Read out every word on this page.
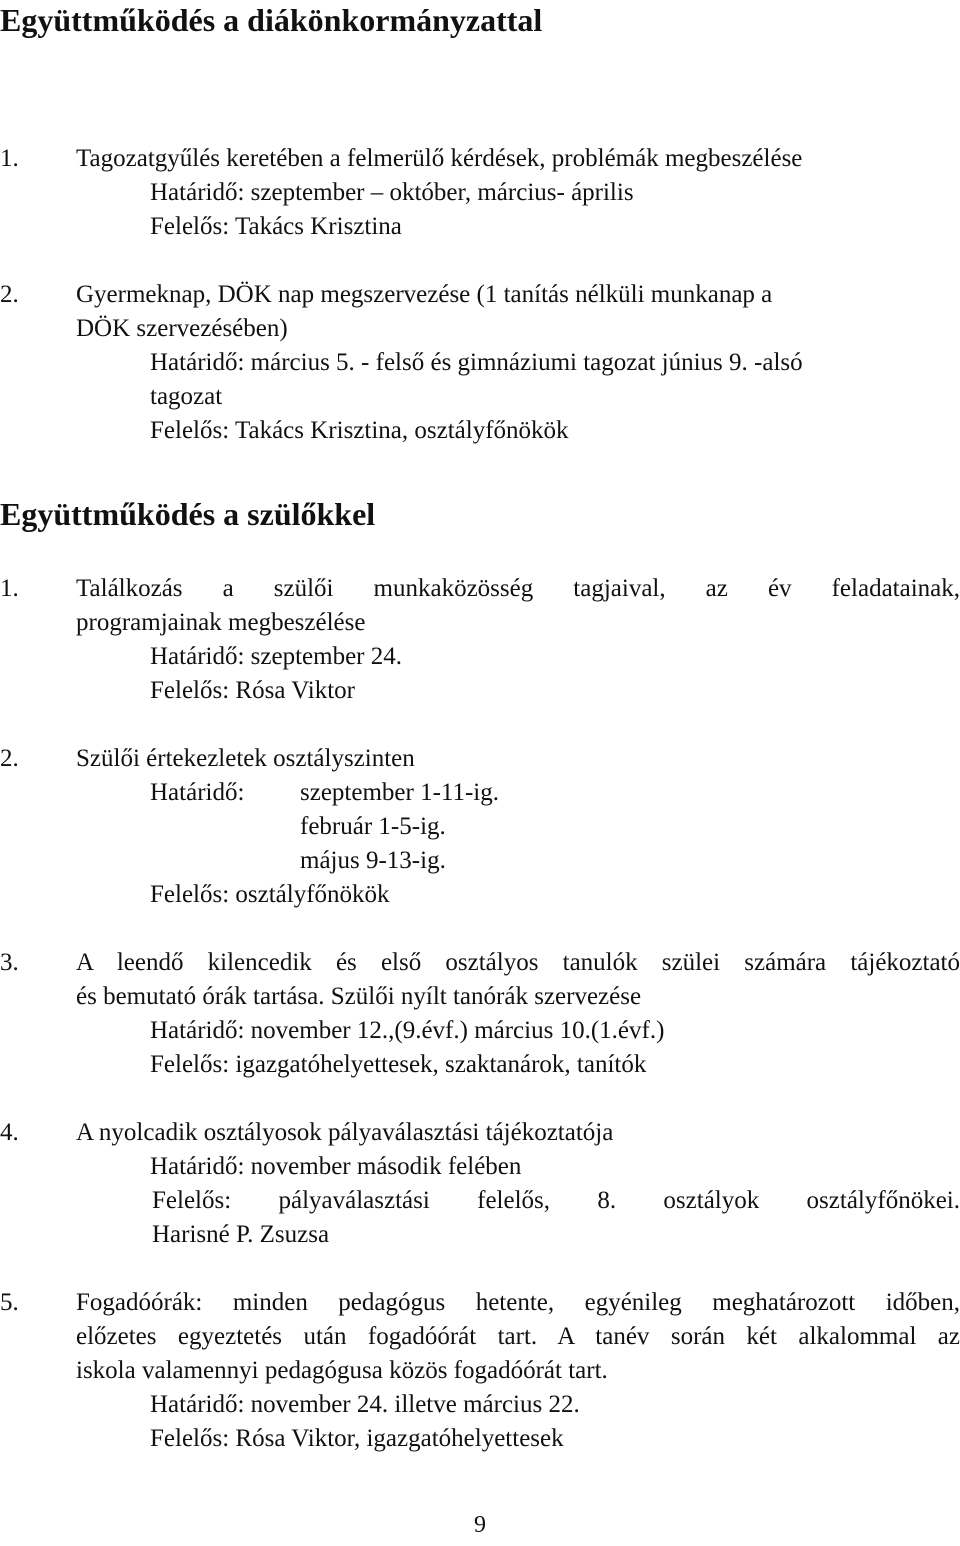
Együttműködés a diákönkormányzattal
1. Tagozatgyűlés keretében a felmerülő kérdések, problémák megbeszélése
Határidő: szeptember – október, március- április
Felelős: Takács Krisztina
2. Gyermeknap, DÖK nap megszervezése (1 tanítás nélküli munkanap a
DÖK szervezésében)
Határidő: március 5. - felső és gimnáziumi tagozat június 9. -alsó
tagozat
Felelős: Takács Krisztina, osztályfőnökök
Együttműködés a szülőkkel
1. Találkozás a szülői munkaközösség tagjaival, az év feladatainak,
programjainak megbeszélése
Határidő: szeptember 24.
Felelős: Rósa Viktor
2. Szülői értekezletek osztályszinten
Határidő: szeptember 1-11-ig.
február 1-5-ig.
május 9-13-ig.
Felelős: osztályfőnökök
3. A leendő kilencedik és első osztályos tanulók szülei számára tájékoztató
és bemutató órák tartása. Szülői nyílt tanórák szervezése
Határidő: november 12.,(9.évf.) március 10.(1.évf.)
Felelős: igazgatóhelyettesek, szaktanárok, tanítók
4. A nyolcadik osztályosok pályaválasztási tájékoztatója
Határidő: november második felében
Felelős: pályaválasztási felelős, 8. osztályok osztályfőnökei.
Harisné P. Zsuzsa
5. Fogadóórák: minden pedagógus hetente, egyénileg meghatározott időben,
előzetes egyeztetés után fogadóórát tart. A tanév során két alkalommal az
iskola valamennyi pedagógusa közös fogadóórát tart.
Határidő: november 24. illetve március 22.
Felelős: Rósa Viktor, igazgatóhelyettesek
9
